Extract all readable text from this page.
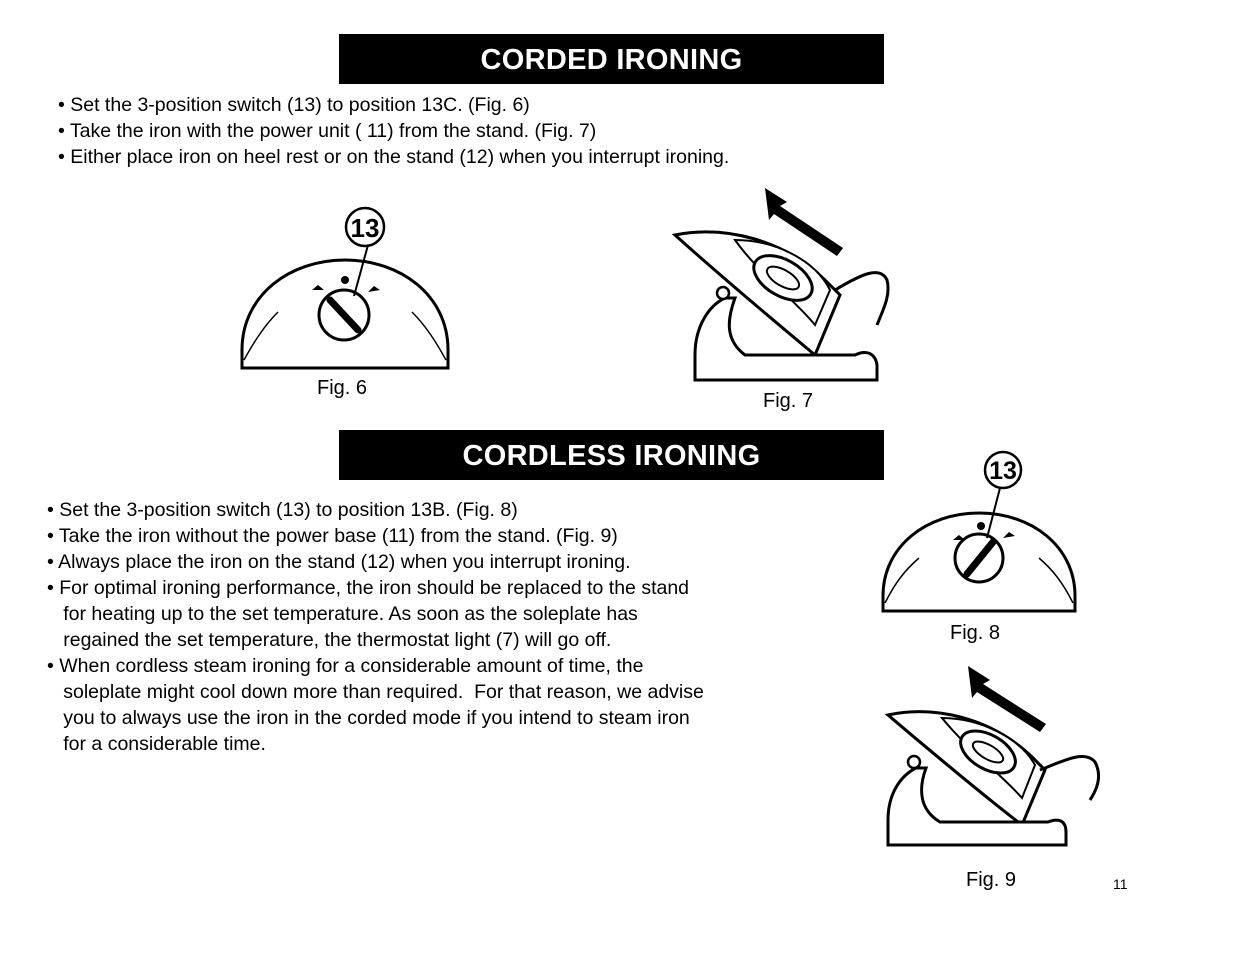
CORDED IRONING
• Set the 3-position switch (13) to position 13C. (Fig. 6)
• Take the iron with the power unit ( 11) from the stand. (Fig. 7)
• Either place iron on heel rest or on the stand (12) when you interrupt ironing.
13
Fig. 6
Fig. 7
CORDLESS IRONING
• Set the 3-position switch (13) to position 13B. (Fig. 8)
• Take the iron without the power base (11) from the stand. (Fig. 9)
• Always place the iron on the stand (12) when you interrupt ironing.
• For optimal ironing performance, the iron should be replaced to the stand
for heating up to the set temperature. As soon as the soleplate has
regained the set temperature, the thermostat light (7) will go off.
• When cordless steam ironing for a considerable amount of time, the
soleplate might cool down more than required.  For that reason, we advise
you to always use the iron in the corded mode if you intend to steam iron
for a considerable time.
13
Fig. 8
Fig. 9	11
